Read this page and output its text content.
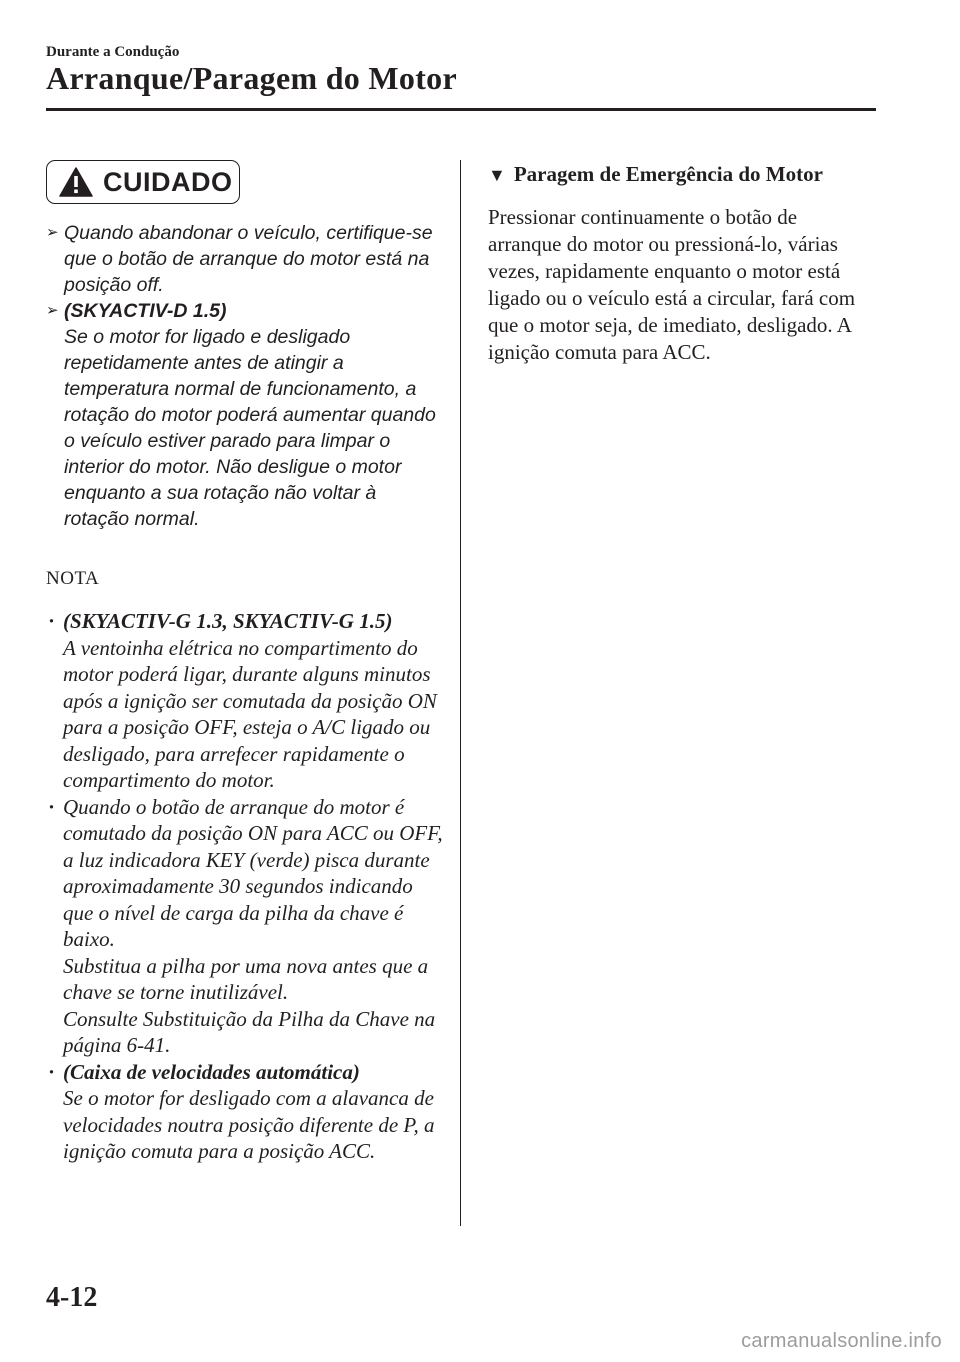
Durante a Condução
Arranque/Paragem do Motor
CUIDADO
➢ Quando abandonar o veículo, certifique-se que o botão de arranque do motor está na posição off.
➢ (SKYACTIV-D 1.5)
Se o motor for ligado e desligado repetidamente antes de atingir a temperatura normal de funcionamento, a rotação do motor poderá aumentar quando o veículo estiver parado para limpar o interior do motor. Não desligue o motor enquanto a sua rotação não voltar à rotação normal.
NOTA
· (SKYACTIV-G 1.3, SKYACTIV-G 1.5)
A ventoinha elétrica no compartimento do motor poderá ligar, durante alguns minutos após a ignição ser comutada da posição ON para a posição OFF, esteja o A/C ligado ou desligado, para arrefecer rapidamente o compartimento do motor.
· Quando o botão de arranque do motor é comutado da posição ON para ACC ou OFF, a luz indicadora KEY (verde) pisca durante aproximadamente 30 segundos indicando que o nível de carga da pilha da chave é baixo.
Substitua a pilha por uma nova antes que a chave se torne inutilizável.
Consulte Substituição da Pilha da Chave na página 6-41.
· (Caixa de velocidades automática)
Se o motor for desligado com a alavanca de velocidades noutra posição diferente de P, a ignição comuta para a posição ACC.
▼ Paragem de Emergência do Motor
Pressionar continuamente o botão de arranque do motor ou pressioná-lo, várias vezes, rapidamente enquanto o motor está ligado ou o veículo está a circular, fará com que o motor seja, de imediato, desligado. A ignição comuta para ACC.
4-12
carmanualsonline.info
